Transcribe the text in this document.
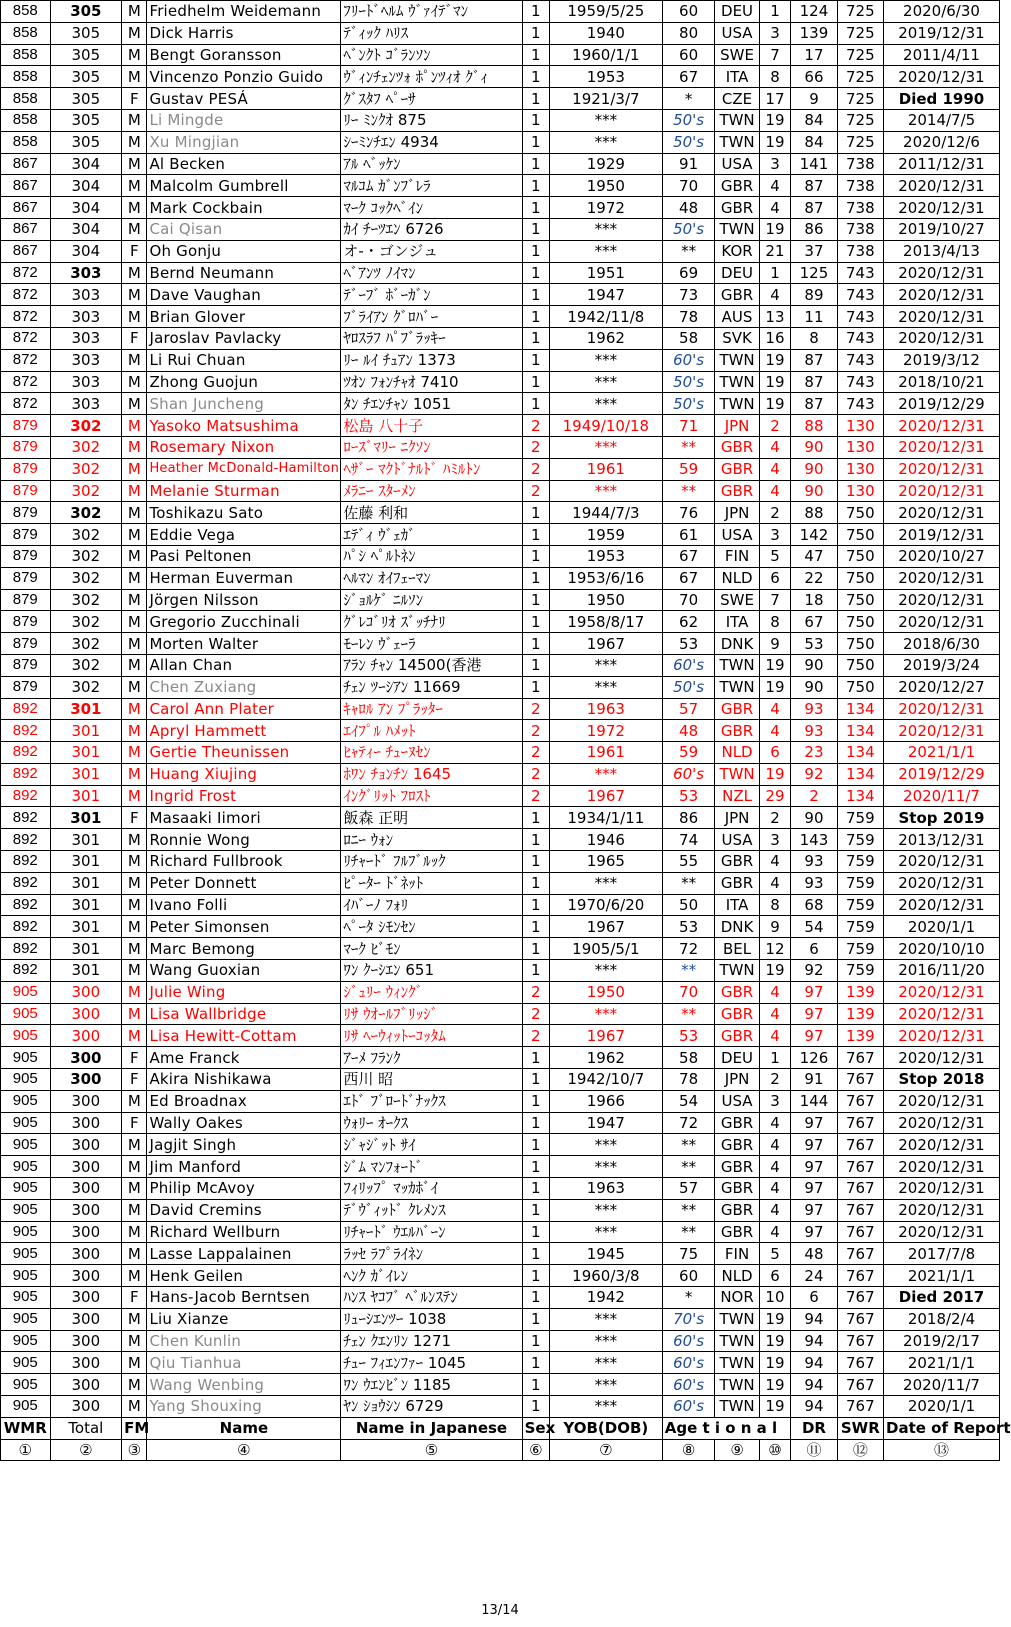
858	305	M	Friedhelm Weidemann	ﾌﾘｰﾄﾞﾍﾙﾑ ｳﾞｧｲﾃﾞﾏﾝ	1	1959/5/25	60	DEU	1	124	725	2020/6/30
858	305	M	Dick Harris	ﾃﾞｨｯｸ ﾊﾘｽ	1	1940	80	USA	3	139	725	2019/12/31
858	305	M	Bengt Goransson	ﾍﾞﾝｸﾄ ｺﾞﾗﾝｿﾝ	1	1960/1/1	60	SWE	7	17	725	2011/4/11
858	305	M	Vincenzo Ponzio Guido	ｳﾞｨﾝﾁｪﾝﾂｫ ﾎﾟﾝﾂｨｵ ｸﾞｨ	1	1953	67	ITA	8	66	725	2020/12/31
858	305	F	Gustav PESÁ	ｸﾞｽﾀﾌ ﾍﾟｰｻ	1	1921/3/7	*	CZE	17	9	725	Died 1990
858	305	M	Li Mingde	ﾘｰ ﾐﾝｸｵ 875	1	***	50's	TWN	19	84	725	2014/7/5
858	305	M	Xu Mingjian	ｼｰﾐﾝﾁｴﾝ 4934	1	***	50's	TWN	19	84	725	2020/12/6
867	304	M	Al Becken	ｱﾙ ﾍﾞｯｹﾝ	1	1929	91	USA	3	141	738	2011/12/31
867	304	M	Malcolm Gumbrell	ﾏﾙｺﾑ ｶﾞﾝﾌﾞﾚﾗ	1	1950	70	GBR	4	87	738	2020/12/31
867	304	M	Mark Cockbain	ﾏｰｸ ｺｯｸﾍﾞｲﾝ	1	1972	48	GBR	4	87	738	2020/12/31
867	304	M	Cai Qisan	ｶｲ ﾁｰﾂｴﾝ 6726	1	***	50's	TWN	19	86	738	2019/10/27
867	304	F	Oh Gonju	オ-・ゴンジュ	1	***	**	KOR	21	37	738	2013/4/13
872	303	M	Bernd Neumann	ﾍﾞｱﾝﾂ ﾉｲﾏﾝ	1	1951	69	DEU	1	125	743	2020/12/31
872	303	M	Dave Vaughan	ﾃﾞｰﾌﾞ ﾎﾞｰｶﾞﾝ	1	1947	73	GBR	4	89	743	2020/12/31
872	303	M	Brian Glover	ﾌﾞﾗｲｱﾝ ｸﾞﾛﾊﾞｰ	1	1942/11/8	78	AUS	13	11	743	2020/12/31
872	303	F	Jaroslav Pavlacky	ﾔﾛｽﾗﾌ ﾊﾟﾌﾞﾗｯｷｰ	1	1962	58	SVK	16	8	743	2020/12/31
872	303	M	Li Rui Chuan	ﾘｰ ﾙｲ ﾁｭｱﾝ 1373	1	***	60's	TWN	19	87	743	2019/3/12
872	303	M	Zhong Guojun	ﾂｵﾝ ﾌｫﾝﾁｬｵ 7410	1	***	50's	TWN	19	87	743	2018/10/21
872	303	M	Shan Juncheng	ﾀﾝ ﾁｴﾝﾁｬﾝ 1051	1	***	50's	TWN	19	87	743	2019/12/29
879	302	M	Yasoko Matsushima	松島 八十子	2	1949/10/18	71	JPN	2	88	130	2020/12/31
879	302	M	Rosemary Nixon	ﾛｰｽﾞﾏﾘｰ ﾆｸｿﾝ	2	***	**	GBR	4	90	130	2020/12/31
879	302	M	Heather McDonald-Hamilton	ﾍｻﾞｰ ﾏｸﾄﾞﾅﾙﾄﾞ ﾊﾐﾙﾄﾝ	2	1961	59	GBR	4	90	130	2020/12/31
879	302	M	Melanie Sturman	ﾒﾗﾆｰ ｽﾀｰﾒﾝ	2	***	**	GBR	4	90	130	2020/12/31
879	302	M	Toshikazu Sato	佐藤 利和	1	1944/7/3	76	JPN	2	88	750	2020/12/31
879	302	M	Eddie Vega	ｴﾃﾞｨ ｳﾞｪｶﾞ	1	1959	61	USA	3	142	750	2019/12/31
879	302	M	Pasi Peltonen	ﾊﾟｼ ﾍﾟﾙﾄﾈﾝ	1	1953	67	FIN	5	47	750	2020/10/27
879	302	M	Herman Euverman	ﾍﾙﾏﾝ ｵｲﾌｪｰﾏﾝ	1	1953/6/16	67	NLD	6	22	750	2020/12/31
879	302	M	Jörgen Nilsson	ｼﾞｮﾙｹﾞ ﾆﾙｿﾝ	1	1950	70	SWE	7	18	750	2020/12/31
879	302	M	Gregorio Zucchinali	ｸﾞﾚｺﾞﾘｵ ｽﾞｯﾁﾅﾘ	1	1958/8/17	62	ITA	8	67	750	2020/12/31
879	302	M	Morten Walter	ﾓｰﾚﾝ ｳﾞｪｰﾗ	1	1967	53	DNK	9	53	750	2018/6/30
879	302	M	Allan Chan	ｱﾗﾝ ﾁｬﾝ 14500(香港	1	***	60's	TWN	19	90	750	2019/3/24
879	302	M	Chen Zuxiang	ﾁｪﾝ ﾂｰｼｱﾝ 11669	1	***	50's	TWN	19	90	750	2020/12/27
892	301	M	Carol Ann Plater	ｷｬﾛﾙ ｱﾝ ﾌﾟﾗｯﾀｰ	2	1963	57	GBR	4	93	134	2020/12/31
892	301	M	Apryl Hammett	ｴｲﾌﾟﾙ ﾊﾒｯﾄ	2	1972	48	GBR	4	93	134	2020/12/31
892	301	M	Gertie Theunissen	ﾋｬﾃｨｰ ﾁｭｰﾇｾﾝ	2	1961	59	NLD	6	23	134	2021/1/1
892	301	M	Huang Xiujing	ﾎﾜﾝ ﾁｮﾝﾁﾝ 1645	2	***	60's	TWN	19	92	134	2019/12/29
892	301	M	Ingrid Frost	ｲﾝｸﾞﾘｯﾄ ﾌﾛｽﾄ	2	1967	53	NZL	29	2	134	2020/11/7
892	301	F	Masaaki Iimori	飯森 正明	1	1934/1/11	86	JPN	2	90	759	Stop 2019
892	301	M	Ronnie Wong	ﾛﾆｰ ｳｫﾝ	1	1946	74	USA	3	143	759	2013/12/31
892	301	M	Richard Fullbrook	ﾘﾁｬｰﾄﾞ ﾌﾙﾌﾞﾙｯｸ	1	1965	55	GBR	4	93	759	2020/12/31
892	301	M	Peter Donnett	ﾋﾟｰﾀｰ ﾄﾞﾈｯﾄ	1	***	**	GBR	4	93	759	2020/12/31
892	301	M	Ivano Folli	ｲﾊﾞｰﾉ ﾌｫﾘ	1	1970/6/20	50	ITA	8	68	759	2020/12/31
892	301	M	Peter Simonsen	ﾍﾟｰﾀ ｼﾓﾝｾﾝ	1	1967	53	DNK	9	54	759	2020/1/1
892	301	M	Marc Bemong	ﾏｰｸ ﾋﾞﾓﾝ	1	1905/5/1	72	BEL	12	6	759	2020/10/10
892	301	M	Wang Guoxian	ﾜﾝ ｸｰｼｴﾝ 651	1	***	**	TWN	19	92	759	2016/11/20
905	300	M	Julie Wing	ｼﾞｭﾘｰ ｳｨﾝｸﾞ	2	1950	70	GBR	4	97	139	2020/12/31
905	300	M	Lisa Wallbridge	ﾘｻ ｳｵｰﾙﾌﾞﾘｯｼﾞ	2	***	**	GBR	4	97	139	2020/12/31
905	300	M	Lisa Hewitt-Cottam	ﾘｻ ﾍｰｳｨｯﾄｰｺｯﾀﾑ	2	1967	53	GBR	4	97	139	2020/12/31
905	300	F	Ame Franck	ｱｰﾒ ﾌﾗﾝｸ	1	1962	58	DEU	1	126	767	2020/12/31
905	300	F	Akira Nishikawa	西川 昭	1	1942/10/7	78	JPN	2	91	767	Stop 2018
905	300	M	Ed Broadnax	ｴﾄﾞ ﾌﾞﾛｰﾄﾞﾅｯｸｽ	1	1966	54	USA	3	144	767	2020/12/31
905	300	F	Wally Oakes	ｳｫﾘｰ ｵｰｸｽ	1	1947	72	GBR	4	97	767	2020/12/31
905	300	M	Jagjit Singh	ｼﾞｬｼﾞｯﾄ ｻｲ	1	***	**	GBR	4	97	767	2020/12/31
905	300	M	Jim Manford	ｼﾞﾑ ﾏﾝﾌｫｰﾄﾞ	1	***	**	GBR	4	97	767	2020/12/31
905	300	M	Philip McAvoy	ﾌｨﾘｯﾌﾟ ﾏｯｶﾎﾞｲ	1	1963	57	GBR	4	97	767	2020/12/31
905	300	M	David Cremins	ﾃﾞｳﾞｨｯﾄﾞ ｸﾚﾒﾝｽ	1	***	**	GBR	4	97	767	2020/12/31
905	300	M	Richard Wellburn	ﾘﾁｬｰﾄﾞ ｳｴﾙﾊﾞｰﾝ	1	***	**	GBR	4	97	767	2020/12/31
905	300	M	Lasse Lappalainen	ﾗｯｾ ﾗﾌﾟﾗｲﾈﾝ	1	1945	75	FIN	5	48	767	2017/7/8
905	300	M	Henk Geilen	ﾍﾝｸ ｶﾞｲﾚﾝ	1	1960/3/8	60	NLD	6	24	767	2021/1/1
905	300	F	Hans-Jacob Berntsen	ﾊﾝｽ ﾔｺﾌﾞ ﾍﾞﾙﾝｽﾃﾝ	1	1942	*	NOR	10	6	767	Died 2017
905	300	M	Liu Xianze	ﾘｭｰｼｴﾝﾂｰ 1038	1	***	70's	TWN	19	94	767	2018/2/4
905	300	M	Chen Kunlin	ﾁｪﾝ ｸｴﾝﾘﾝ 1271	1	***	60's	TWN	19	94	767	2019/2/17
905	300	M	Qiu Tianhua	ﾁｭｰ ﾌｨｴﾝﾌｧｰ 1045	1	***	60's	TWN	19	94	767	2021/1/1
905	300	M	Wang Wenbing	ﾜﾝ ｳｴﾝﾋﾞﾝ 1185	1	***	60's	TWN	19	94	767	2020/11/7
905	300	M	Yang Shouxing	ﾔﾝ ｼｮｳｼﾝ 6729	1	***	60's	TWN	19	94	767	2020/1/1
WMR	Total	FM	Name	Name in Japanese	Sex	YOB(DOB)	Age t i o n a l			DR	SWR	Date of Report
①	②	③	④	⑤	⑥	⑦	⑧	⑨	⑩	⑪	⑫	⑬
13/14
